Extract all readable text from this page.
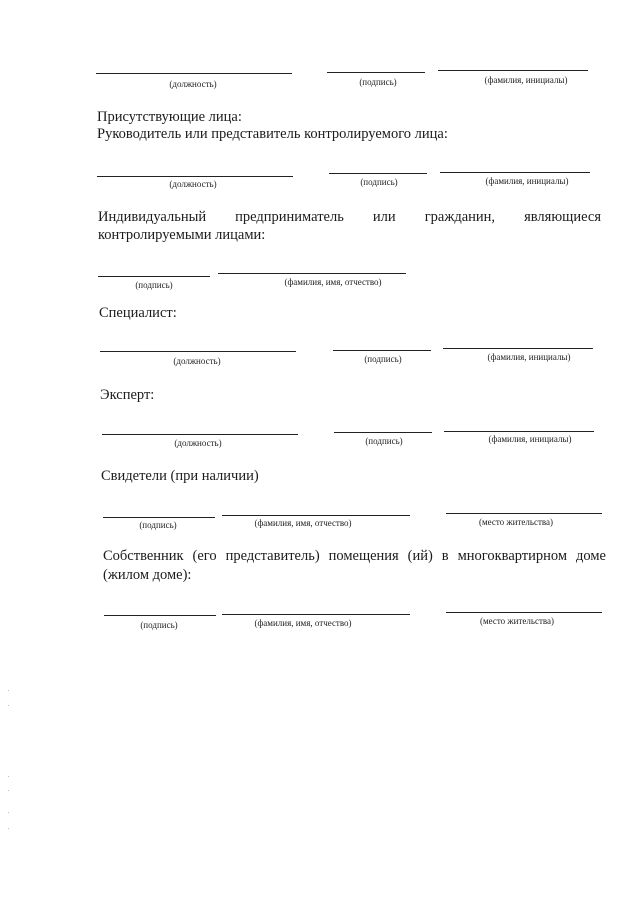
(должность)	(подпись)	(фамилия, инициалы)
Присутствующие лица:
Руководитель или представитель контролируемого лица:
(должность)	(подпись)	(фамилия, инициалы)
Индивидуальный предприниматель или гражданин, являющиеся
контролируемыми лицами:
(подпись)	(фамилия, имя, отчество)
Специалист:
(должность)	(подпись)	(фамилия, инициалы)
Эксперт:
(должность)	(подпись)	(фамилия, инициалы)
Свидетели (при наличии)
(подпись)	(фамилия, имя, отчество)	(место жительства)
Собственник (его представитель) помещения (ий) в многоквартирном доме
(жилом доме):
(подпись)	(фамилия, имя, отчество)	(место жительства)
